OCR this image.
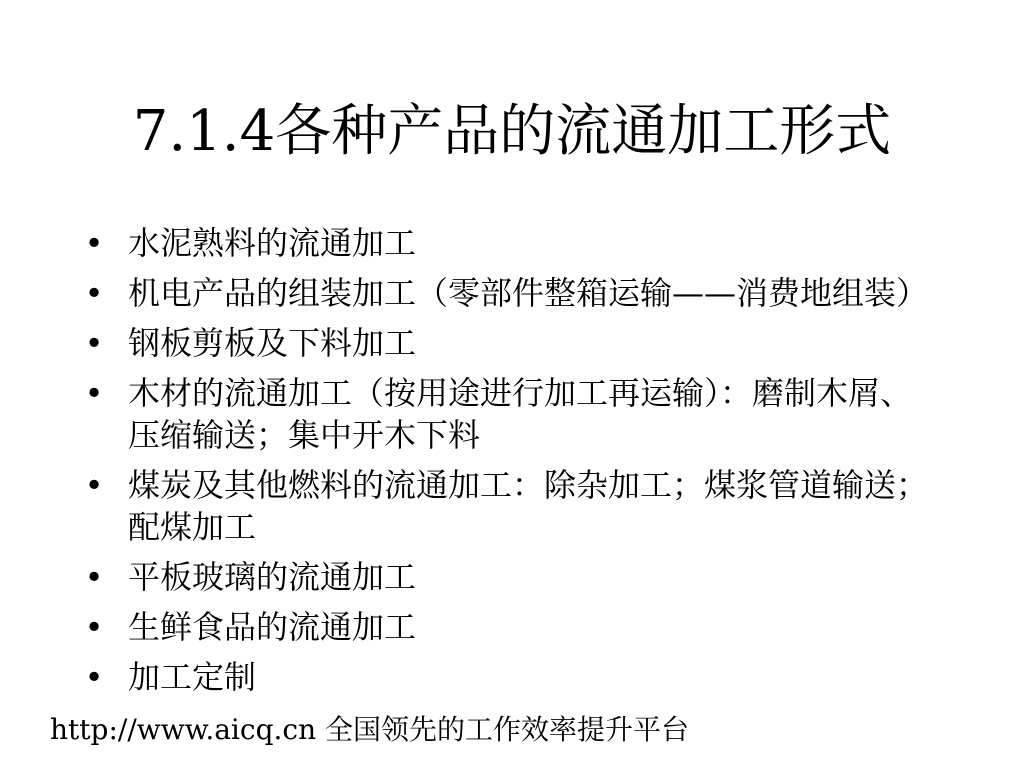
7.1.4各种产品的流通加工形式
• 水泥熟料的流通加工
• 机电产品的组装加工（零部件整箱运输——消费地组装）
• 钢板剪板及下料加工
• 木材的流通加工（按用途进行加工再运输）：磨制木屑、压缩输送；集中开木下料
• 煤炭及其他燃料的流通加工：除杂加工；煤浆管道输送；配煤加工
• 平板玻璃的流通加工
• 生鲜食品的流通加工
• 加工定制
http://www.aicq.cn 全国领先的工作效率提升平台
